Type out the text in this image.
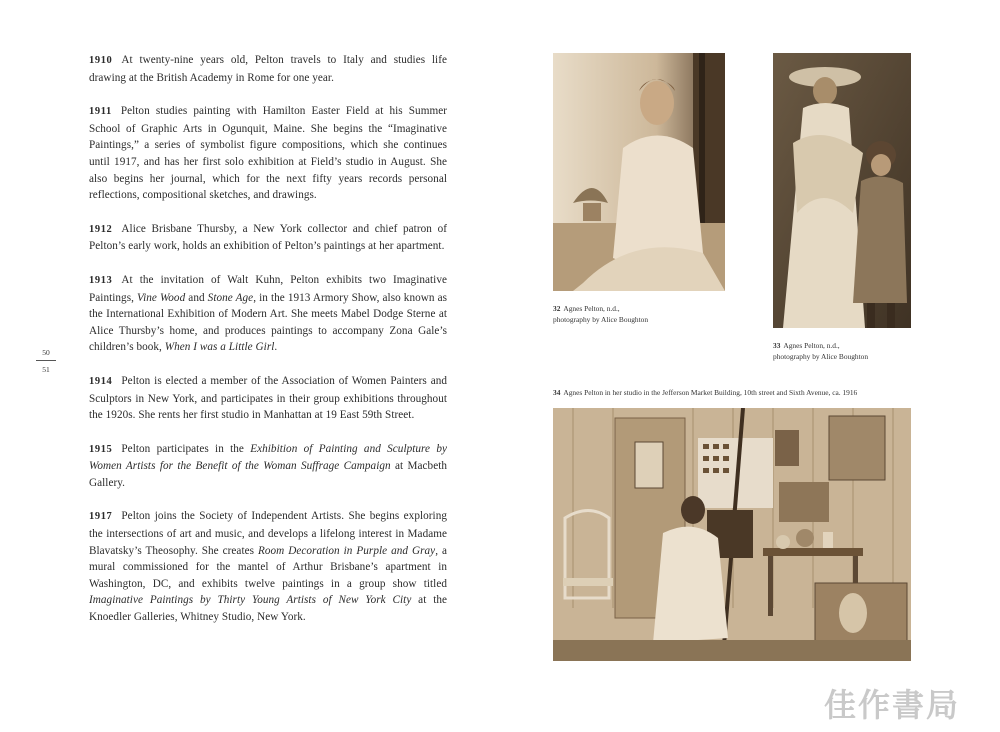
1910 At twenty-nine years old, Pelton travels to Italy and studies life drawing at the British Academy in Rome for one year.

1911 Pelton studies painting with Hamilton Easter Field at his Summer School of Graphic Arts in Ogunquit, Maine. She begins the “Imaginative Paintings,” a series of symbolist figure compositions, which she continues until 1917, and has her first solo exhibition at Field’s studio in August. She also begins her journal, which for the next fifty years records personal reflections, compositional sketches, and drawings.

1912 Alice Brisbane Thursby, a New York collector and chief patron of Pelton’s early work, holds an exhibition of Pelton’s paintings at her apartment.

1913 At the invitation of Walt Kuhn, Pelton exhibits two Imaginative Paintings, Vine Wood and Stone Age, in the 1913 Armory Show, also known as the International Exhibition of Modern Art. She meets Mabel Dodge Sterne at Alice Thursby’s home, and produces paintings to accompany Zona Gale’s children’s book, When I was a Little Girl.

1914 Pelton is elected a member of the Association of Women Painters and Sculptors in New York, and participates in their group exhibitions throughout the 1920s. She rents her first studio in Manhattan at 19 East 59th Street.

1915 Pelton participates in the Exhibition of Painting and Sculpture by Women Artists for the Benefit of the Woman Suffrage Campaign at Macbeth Gallery.

1917 Pelton joins the Society of Independent Artists. She begins exploring the intersections of art and music, and develops a lifelong interest in Madame Blavatsky’s Theosophy. She creates Room Decoration in Purple and Gray, a mural commissioned for the mantel of Arthur Brisbane’s apartment in Washington, DC, and exhibits twelve paintings in a group show titled Imaginative Paintings by Thirty Young Artists of New York City at the Knoedler Galleries, Whitney Studio, New York.

50
51
32 Agnes Pelton, n.d.,
photography by Alice Boughton
33 Agnes Pelton, n.d.,
photography by Alice Boughton
34 Agnes Pelton in her studio in the Jefferson Market Building, 10th street and Sixth Avenue, ca. 1916
佳作書局
